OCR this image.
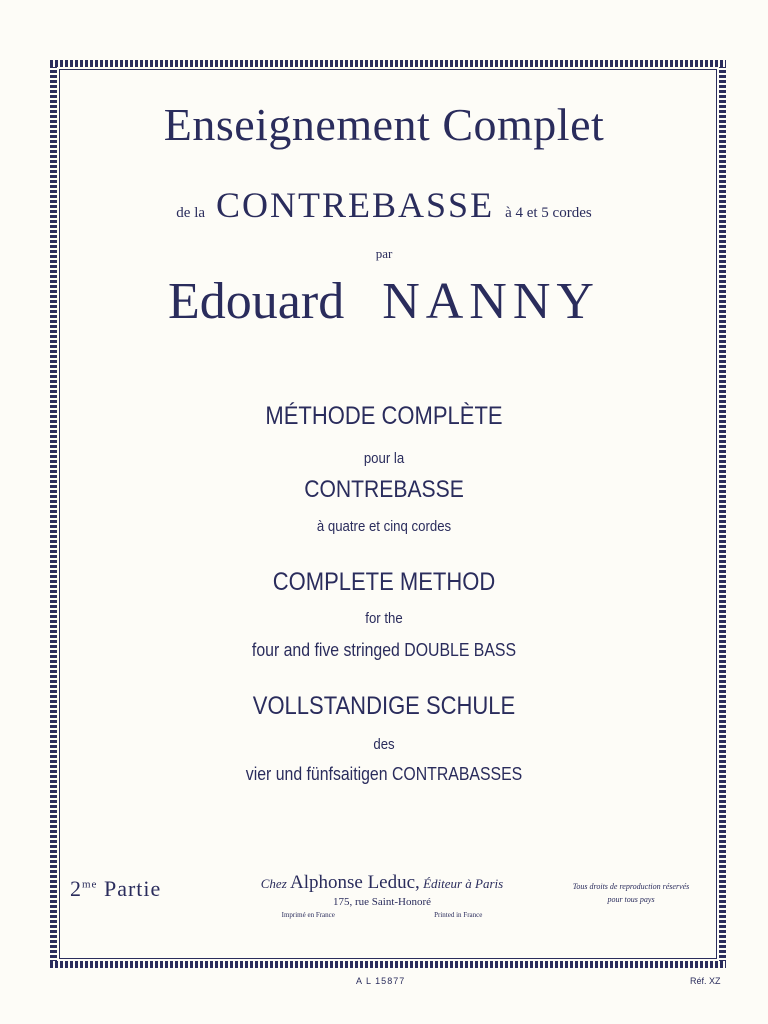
Enseignement Complet
de la CONTREBASSE à 4 et 5 cordes
par
Edouard NANNY
MÉTHODE COMPLÈTE
pour la
CONTREBASSE
à quatre et cinq cordes
COMPLETE METHOD
for the
four and five stringed DOUBLE BASS
VOLLSTANDIGE SCHULE
des
vier und fünfsaitigen CONTRABASSES
$2^{me}$ Partie	Chez Alphonse Leduc, Éditeur à Paris
175, rue Saint-Honoré
Imprimé en France	Printed in France
Tous droits de reproduction réservés
pour tous pays
A L 15877	Réf. XZ
